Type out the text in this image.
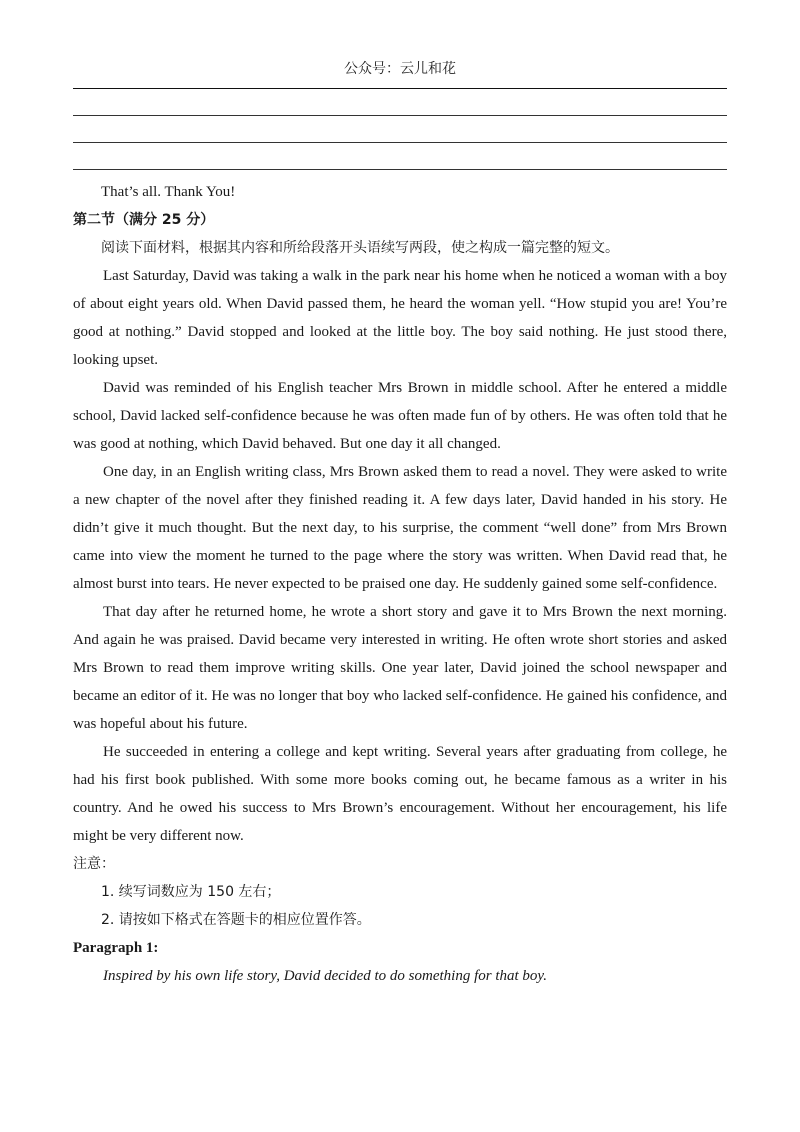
公众号：云儿和花

That’s all. Thank You!

第二节（满分 25 分）

阅读下面材料，根据其内容和所给段落开头语续写两段，使之构成一篇完整的短文。

Last Saturday, David was taking a walk in the park near his home when he noticed a woman with a boy of about eight years old. When David passed them, he heard the woman yell. “How stupid you are! You’re good at nothing.” David stopped and looked at the little boy. The boy said nothing. He just stood there, looking upset.

David was reminded of his English teacher Mrs Brown in middle school. After he entered a middle school, David lacked self-confidence because he was often made fun of by others. He was often told that he was good at nothing, which David behaved. But one day it all changed.

One day, in an English writing class, Mrs Brown asked them to read a novel. They were asked to write a new chapter of the novel after they finished reading it. A few days later, David handed in his story. He didn’t give it much thought. But the next day, to his surprise, the comment “well done” from Mrs Brown came into view the moment he turned to the page where the story was written. When David read that, he almost burst into tears. He never expected to be praised one day. He suddenly gained some self-confidence.

That day after he returned home, he wrote a short story and gave it to Mrs Brown the next morning. And again he was praised. David became very interested in writing. He often wrote short stories and asked Mrs Brown to read them improve writing skills. One year later, David joined the school newspaper and became an editor of it. He was no longer that boy who lacked self-confidence. He gained his confidence, and was hopeful about his future.

He succeeded in entering a college and kept writing. Several years after graduating from college, he had his first book published. With some more books coming out, he became famous as a writer in his country. And he owed his success to Mrs Brown’s encouragement. Without her encouragement, his life might be very different now.

注意：

1. 续写词数应为 150 左右；

2. 请按如下格式在答题卡的相应位置作答。

Paragraph 1:

Inspired by his own life story, David decided to do something for that boy.
